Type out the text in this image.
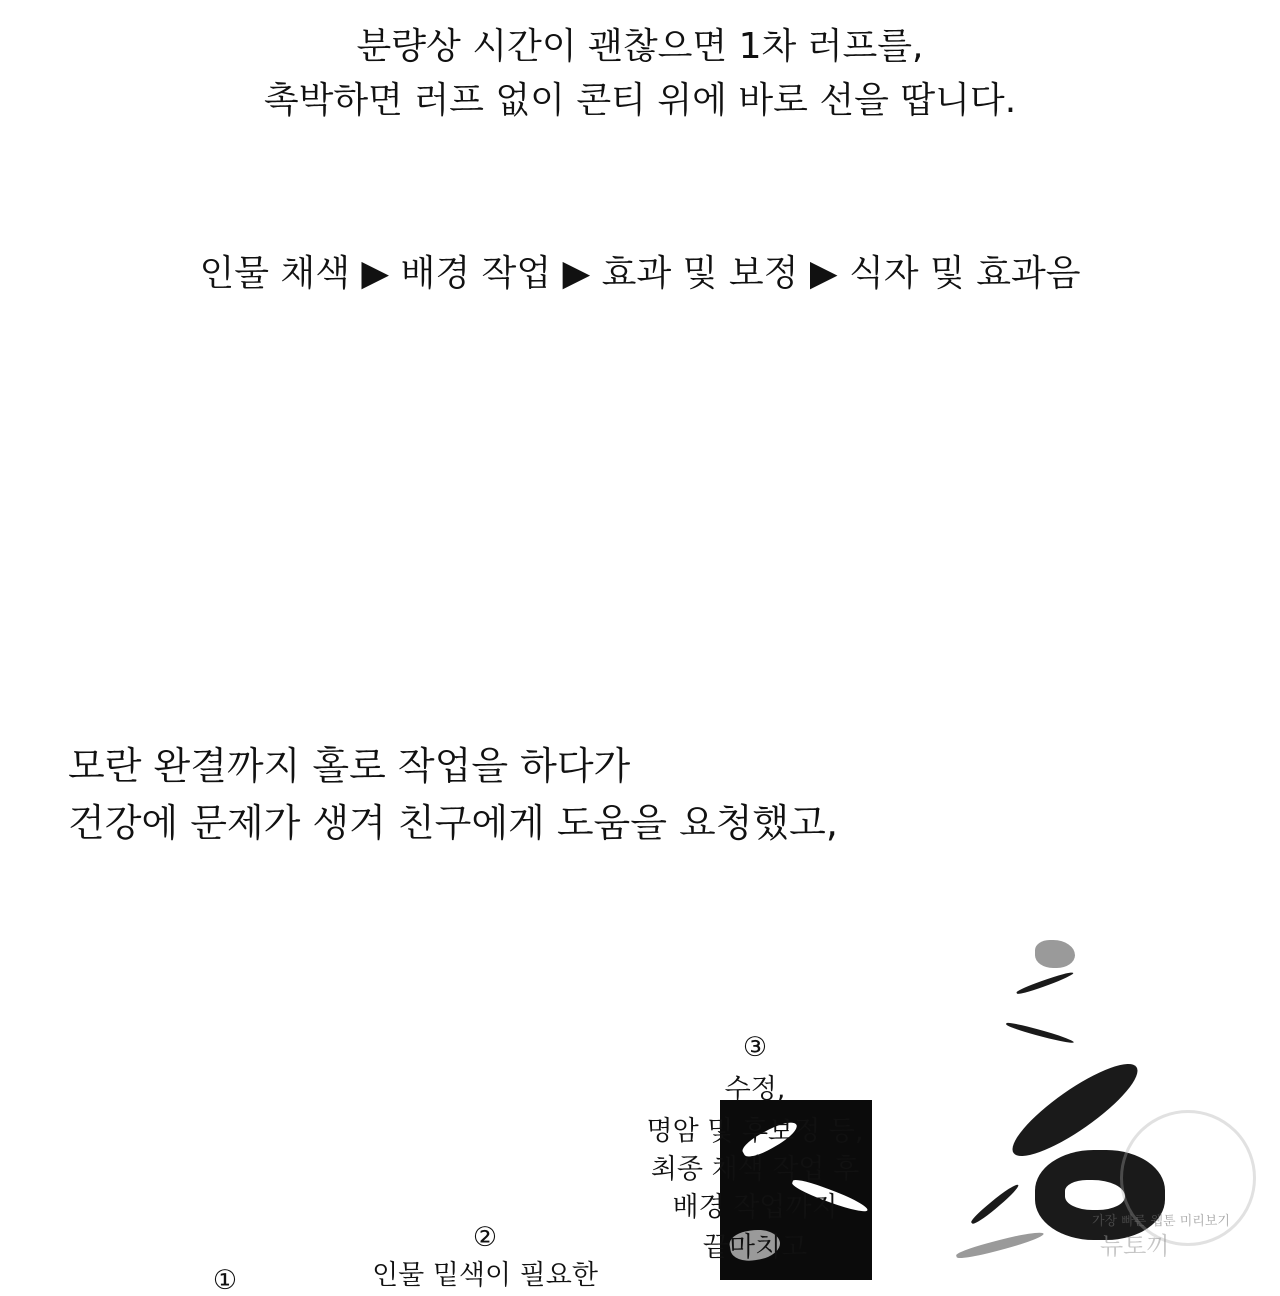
분량상 시간이 괜찮으면 1차 러프를,
촉박하면 러프 없이 콘티 위에 바로 선을 땁니다.
인물 채색 ▶ 배경 작업 ▶ 효과 및 보정 ▶ 식자 및 효과음
모란 완결까지 홀로 작업을 하다가
건강에 문제가 생겨 친구에게 도움을 요청했고,
③
수정,
명암 및 후보정 등,
최종 채색 작업 후
배경 작업까지
끝마치고
②
인물 밑색이 필요한
①
가장 빠른 웹툰 미리보기
뉴토끼
